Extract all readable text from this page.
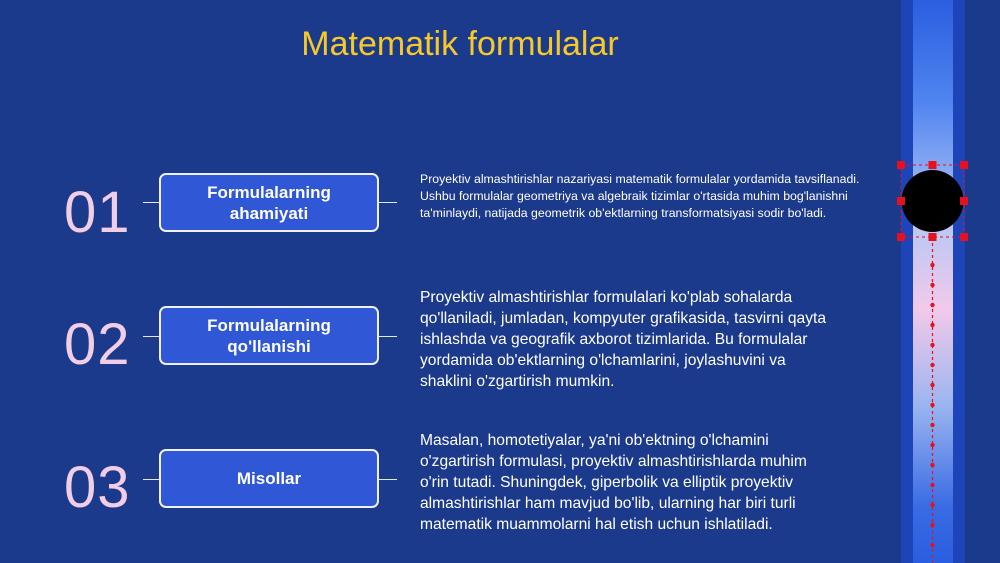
Matematik formulalar
01	Formulalarning
ahamiyati
Proyektiv almashtirishlar nazariyasi matematik formulalar yordamida tavsiflanadi. Ushbu formulalar geometriya va algebraik tizimlar o'rtasida muhim bog'lanishni ta'minlaydi, natijada geometrik ob'ektlarning transformatsiyasi sodir bo'ladi.
02	Formulalarning
qo'llanishi
Proyektiv almashtirishlar formulalari ko'plab sohalarda qo'llaniladi, jumladan, kompyuter grafikasida, tasvirni qayta ishlashda va geografik axborot tizimlarida. Bu formulalar yordamida ob'ektlarning o'lchamlarini, joylashuvini va shaklini o'zgartirish mumkin.
03	Misollar
Masalan, homotetiyalar, ya'ni ob'ektning o'lchamini o'zgartirish formulasi, proyektiv almashtirishlarda muhim o'rin tutadi. Shuningdek, giperbolik va elliptik proyektiv almashtirishlar ham mavjud bo'lib, ularning har biri turli matematik muammolarni hal etish uchun ishlatiladi.
